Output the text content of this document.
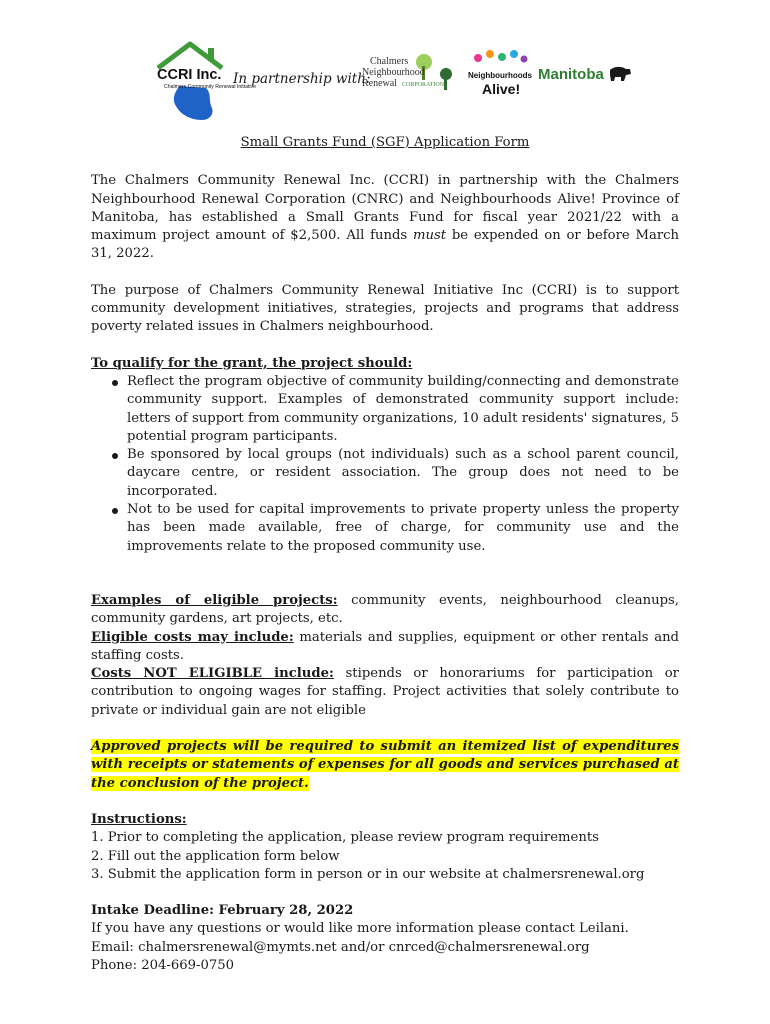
CCRI Inc.
Chalmers Community Renewal Initiative
In partnership with:
Chalmers
Neighbourhood
Renewal CORPORATION
Neighbourhoods
Alive!
Manitoba
Small Grants Fund (SGF) Application Form

The Chalmers Community Renewal Inc. (CCRI) in partnership with the Chalmers Neighbourhood Renewal Corporation (CNRC) and Neighbourhoods Alive! Province of Manitoba, has established a Small Grants Fund for fiscal year 2021/22 with a maximum project amount of $2,500. All funds must be expended on or before March 31, 2022.

The purpose of Chalmers Community Renewal Initiative Inc (CCRI) is to support community development initiatives, strategies, projects and programs that address poverty related issues in Chalmers neighbourhood.

To qualify for the grant, the project should:
Reflect the program objective of community building/connecting and demonstrate community support. Examples of demonstrated community support include: letters of support from community organizations, 10 adult residents' signatures, 5 potential program participants.
Be sponsored by local groups (not individuals) such as a school parent council, daycare centre, or resident association. The group does not need to be incorporated.
Not to be used for capital improvements to private property unless the property has been made available, free of charge, for community use and the improvements relate to the proposed community use.

Examples of eligible projects: community events, neighbourhood cleanups, community gardens, art projects, etc.

Eligible costs may include: materials and supplies, equipment or other rentals and staffing costs.

Costs NOT ELIGIBLE include: stipends or honorariums for participation or contribution to ongoing wages for staffing. Project activities that solely contribute to private or individual gain are not eligible

Approved projects will be required to submit an itemized list of expenditures with receipts or statements of expenses for all goods and services purchased at the conclusion of the project.

Instructions:
1. Prior to completing the application, please review program requirements
2. Fill out the application form below
3. Submit the application form in person or in our website at chalmersrenewal.org
Intake Deadline: February 28, 2022
If you have any questions or would like more information please contact Leilani.
Email: chalmersrenewal@mymts.net and/or cnrced@chalmersrenewal.org
Phone: 204-669-0750
